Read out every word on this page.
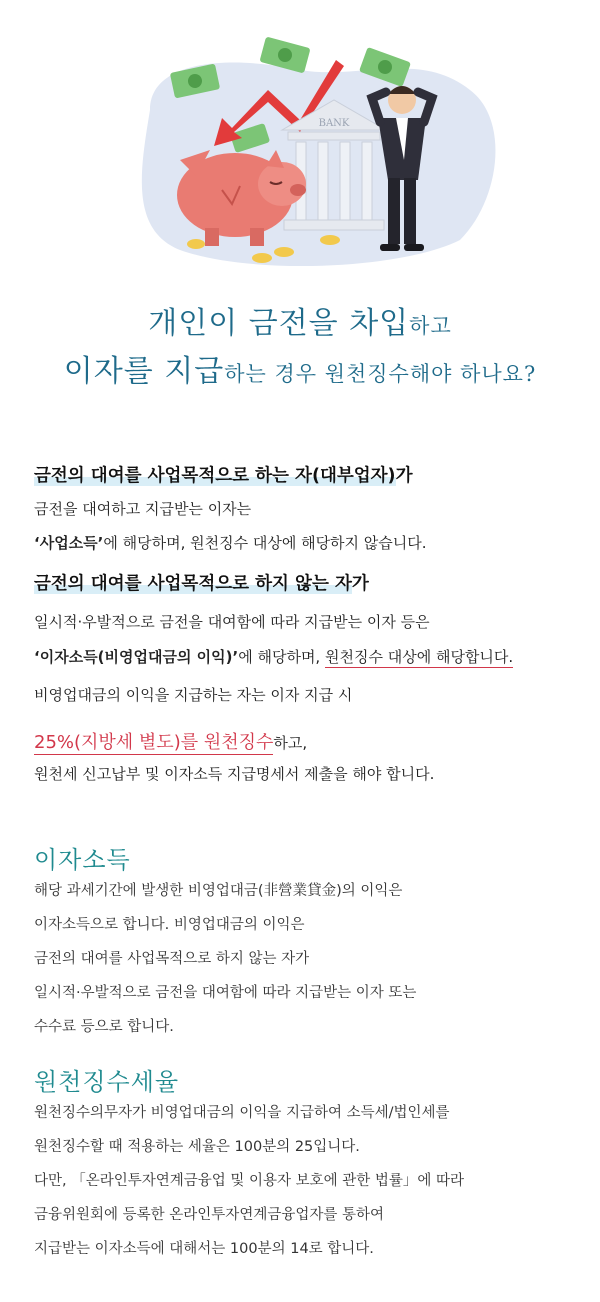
BANK
개인이 금전을 차입하고
이자를 지급하는 경우 원천징수해야 하나요?
금전의 대여를 사업목적으로 하는 자(대부업자)가
금전을 대여하고 지급받는 이자는
‘사업소득’에 해당하며, 원천징수 대상에 해당하지 않습니다.
금전의 대여를 사업목적으로 하지 않는 자가
일시적·우발적으로 금전을 대여함에 따라 지급받는 이자 등은
‘이자소득(비영업대금의 이익)’에 해당하며, 원천징수 대상에 해당합니다.
비영업대금의 이익을 지급하는 자는 이자 지급 시
25%(지방세 별도)를 원천징수하고,
원천세 신고납부 및 이자소득 지급명세서 제출을 해야 합니다.
이자소득
해당 과세기간에 발생한 비영업대금(非營業貸金)의 이익은
이자소득으로 합니다. 비영업대금의 이익은
금전의 대여를 사업목적으로 하지 않는 자가
일시적·우발적으로 금전을 대여함에 따라 지급받는 이자 또는
수수료 등으로 합니다.
원천징수세율
원천징수의무자가 비영업대금의 이익을 지급하여 소득세/법인세를
원천징수할 때 적용하는 세율은 100분의 25입니다.
다만, 「온라인투자연계금융업 및 이용자 보호에 관한 법률」에 따라
금융위원회에 등록한 온라인투자연계금융업자를 통하여
지급받는 이자소득에 대해서는 100분의 14로 합니다.
